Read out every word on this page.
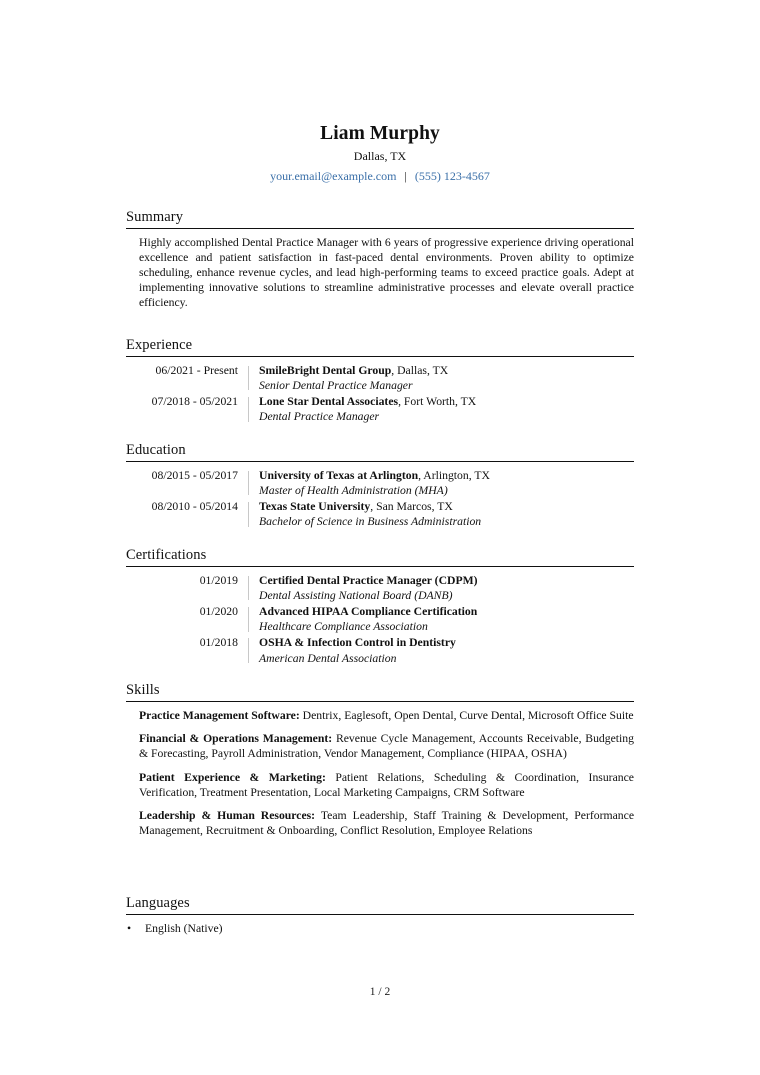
Liam Murphy
Dallas, TX
your.email@example.com | (555) 123-4567
Summary
Highly accomplished Dental Practice Manager with 6 years of progressive experience driving operational excellence and patient satisfaction in fast-paced dental environments. Proven ability to optimize scheduling, enhance revenue cycles, and lead high-performing teams to exceed practice goals. Adept at implementing innovative solutions to streamline administrative processes and elevate overall practice efficiency.
Experience
06/2021 - Present SmileBright Dental Group, Dallas, TX
Senior Dental Practice Manager
07/2018 - 05/2021 Lone Star Dental Associates, Fort Worth, TX
Dental Practice Manager
Education
08/2015 - 05/2017 University of Texas at Arlington, Arlington, TX
Master of Health Administration (MHA)
08/2010 - 05/2014 Texas State University, San Marcos, TX
Bachelor of Science in Business Administration
Certifications
01/2019 Certified Dental Practice Manager (CDPM)
Dental Assisting National Board (DANB)
01/2020 Advanced HIPAA Compliance Certification
Healthcare Compliance Association
01/2018 OSHA & Infection Control in Dentistry
American Dental Association
Skills
Practice Management Software: Dentrix, Eaglesoft, Open Dental, Curve Dental, Microsoft Office Suite
Financial & Operations Management: Revenue Cycle Management, Accounts Receivable, Budgeting & Forecasting, Payroll Administration, Vendor Management, Compliance (HIPAA, OSHA)
Patient Experience & Marketing: Patient Relations, Scheduling & Coordination, Insurance Verification, Treatment Presentation, Local Marketing Campaigns, CRM Software
Leadership & Human Resources: Team Leadership, Staff Training & Development, Performance Management, Recruitment & Onboarding, Conflict Resolution, Employee Relations
Languages
• English (Native)
1 / 2
